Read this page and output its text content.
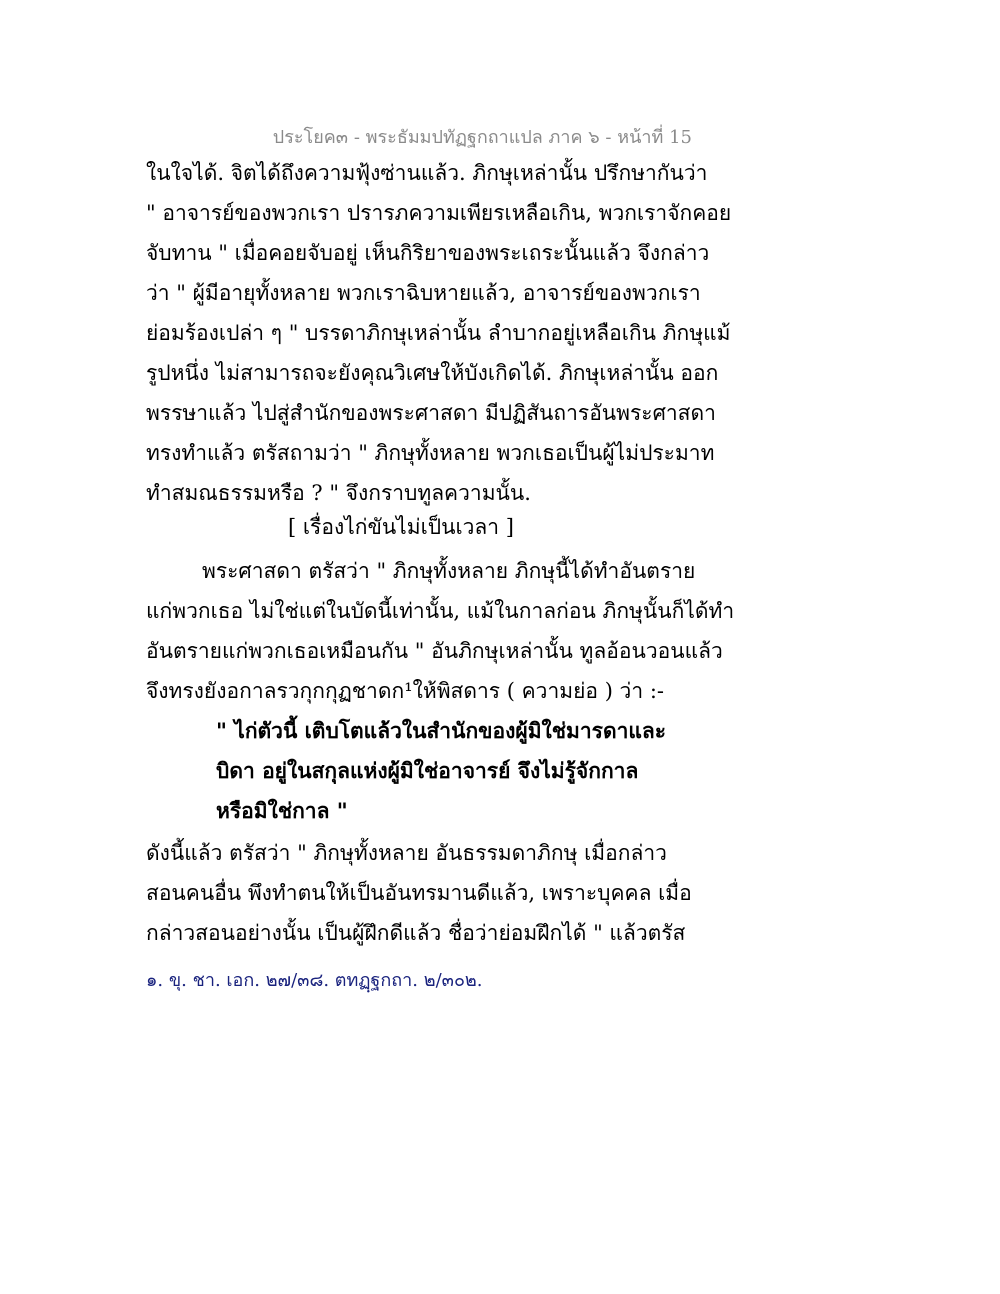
ประโยค๓ - พระธัมมปทัฏฐกถาแปล ภาค ๖ - หน้าที่ 15
ในใจได้. จิตได้ถึงความฟุ้งซ่านแล้ว. ภิกษุเหล่านั้น ปรึกษากันว่า
" อาจารย์ของพวกเรา ปรารภความเพียรเหลือเกิน, พวกเราจักคอย
จับทาน " เมื่อคอยจับอยู่ เห็นกิริยาของพระเถระนั้นแล้ว จึงกล่าว
ว่า " ผู้มีอายุทั้งหลาย พวกเราฉิบหายแล้ว, อาจารย์ของพวกเรา
ย่อมร้องเปล่า ๆ " บรรดาภิกษุเหล่านั้น ลำบากอยู่เหลือเกิน ภิกษุแม้
รูปหนึ่ง ไม่สามารถจะยังคุณวิเศษให้บังเกิดได้. ภิกษุเหล่านั้น ออก
พรรษาแล้ว ไปสู่สำนักของพระศาสดา มีปฏิสันถารอันพระศาสดา
ทรงทำแล้ว ตรัสถามว่า " ภิกษุทั้งหลาย พวกเธอเป็นผู้ไม่ประมาท
ทำสมณธรรมหรือ ? " จึงกราบทูลความนั้น.
[ เรื่องไก่ขันไม่เป็นเวลา ]
พระศาสดา ตรัสว่า " ภิกษุทั้งหลาย ภิกษุนี้ได้ทำอันตราย
แก่พวกเธอ ไม่ใช่แต่ในบัดนี้เท่านั้น, แม้ในกาลก่อน ภิกษุนั้นก็ได้ทำ
อันตรายแก่พวกเธอเหมือนกัน " อันภิกษุเหล่านั้น ทูลอ้อนวอนแล้ว
จึงทรงยังอกาลรวกุกกุฏชาดก¹ให้พิสดาร ( ความย่อ ) ว่า :-
" ไก่ตัวนี้ เติบโตแล้วในสำนักของผู้มิใช่มารดาและ
บิดา อยู่ในสกุลแห่งผู้มิใช่อาจารย์ จึงไม่รู้จักกาล
หรือมิใช่กาล "
ดังนี้แล้ว ตรัสว่า " ภิกษุทั้งหลาย อันธรรมดาภิกษุ เมื่อกล่าว
สอนคนอื่น พึงทำตนให้เป็นอันทรมานดีแล้ว, เพราะบุคคล เมื่อ
กล่าวสอนอย่างนั้น เป็นผู้ฝึกดีแล้ว ชื่อว่าย่อมฝึกได้ " แล้วตรัส
๑. ขุ. ชา. เอก. ๒๗/๓๘. ตทฏฺฐกถา. ๒/๓๐๒.
